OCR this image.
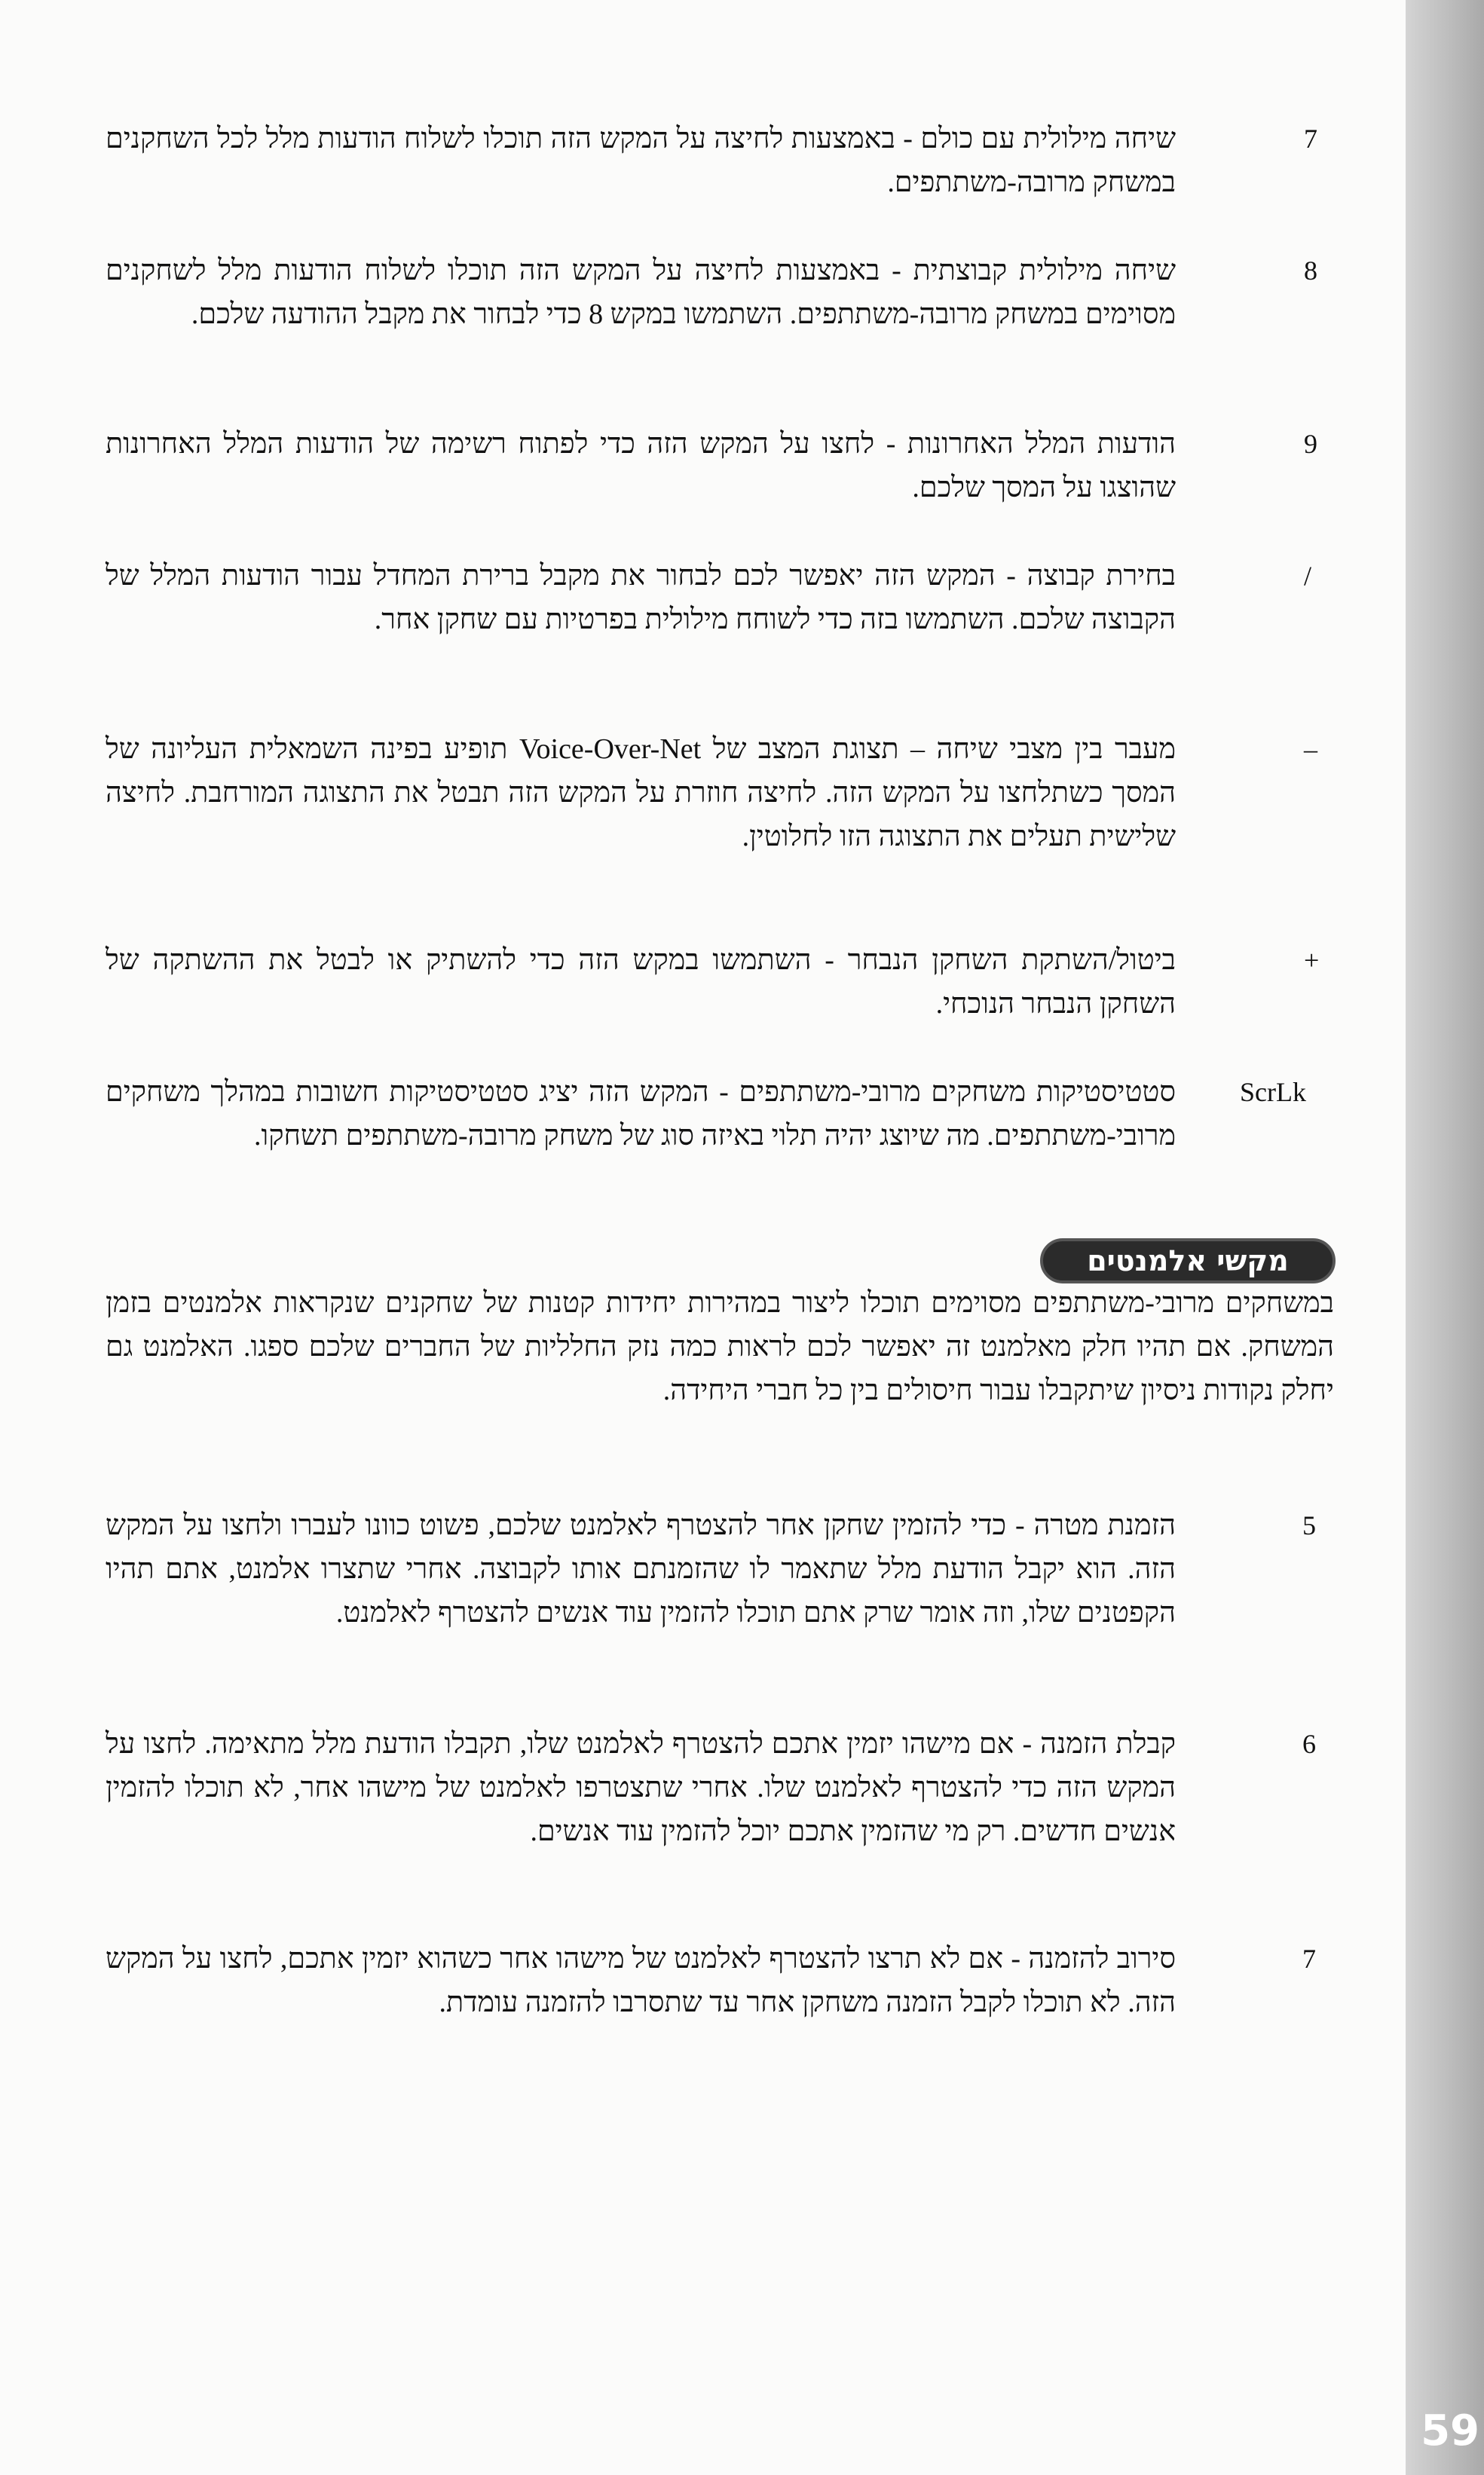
7
שיחה מילולית עם כולם - באמצעות לחיצה על המקש הזה תוכלו לשלוח הודעות מלל לכל השחקנים במשחק מרובה-משתתפים.
8
שיחה מילולית קבוצתית - באמצעות לחיצה על המקש הזה תוכלו לשלוח הודעות מלל לשחקנים מסוימים במשחק מרובה-משתתפים. השתמשו במקש 8 כדי לבחור את מקבל ההודעה שלכם.
9
הודעות המלל האחרונות - לחצו על המקש הזה כדי לפתוח רשימה של הודעות המלל האחרונות שהוצגו על המסך שלכם.
/
בחירת קבוצה - המקש הזה יאפשר לכם לבחור את מקבל ברירת המחדל עבור הודעות המלל של הקבוצה שלכם. השתמשו בזה כדי לשוחח מילולית בפרטיות עם שחקן אחר.
–
מעבר בין מצבי שיחה – תצוגת המצב של Voice-Over-Net תופיע בפינה השמאלית העליונה של המסך כשתלחצו על המקש הזה. לחיצה חוזרת על המקש הזה תבטל את התצוגה המורחבת. לחיצה שלישית תעלים את התצוגה הזו לחלוטין.
+
ביטול/השתקת השחקן הנבחר - השתמשו במקש הזה כדי להשתיק או לבטל את ההשתקה של השחקן הנבחר הנוכחי.
ScrLk
סטטיסטיקות משחקים מרובי-משתתפים - המקש הזה יציג סטטיסטיקות חשובות במהלך משחקים מרובי-משתתפים. מה שיוצג יהיה תלוי באיזה סוג של משחק מרובה-משתתפים תשחקו.
מקשי אלמנטים
במשחקים מרובי-משתתפים מסוימים תוכלו ליצור במהירות יחידות קטנות של שחקנים שנקראות אלמנטים בזמן המשחק. אם תהיו חלק מאלמנט זה יאפשר לכם לראות כמה נזק החלליות של החברים שלכם ספגו. האלמנט גם יחלק נקודות ניסיון שיתקבלו עבור חיסולים בין כל חברי היחידה.
5
הזמנת מטרה - כדי להזמין שחקן אחר להצטרף לאלמנט שלכם, פשוט כוונו לעברו ולחצו על המקש הזה. הוא יקבל הודעת מלל שתאמר לו שהזמנתם אותו לקבוצה. אחרי שתצרו אלמנט, אתם תהיו הקפטנים שלו, וזה אומר שרק אתם תוכלו להזמין עוד אנשים להצטרף לאלמנט.
6
קבלת הזמנה - אם מישהו יזמין אתכם להצטרף לאלמנט שלו, תקבלו הודעת מלל מתאימה. לחצו על המקש הזה כדי להצטרף לאלמנט שלו. אחרי שתצטרפו לאלמנט של מישהו אחר, לא תוכלו להזמין אנשים חדשים. רק מי שהזמין אתכם יוכל להזמין עוד אנשים.
7
סירוב להזמנה - אם לא תרצו להצטרף לאלמנט של מישהו אחר כשהוא יזמין אתכם, לחצו על המקש הזה. לא תוכלו לקבל הזמנה משחקן אחר עד שתסרבו להזמנה עומדת.
59
